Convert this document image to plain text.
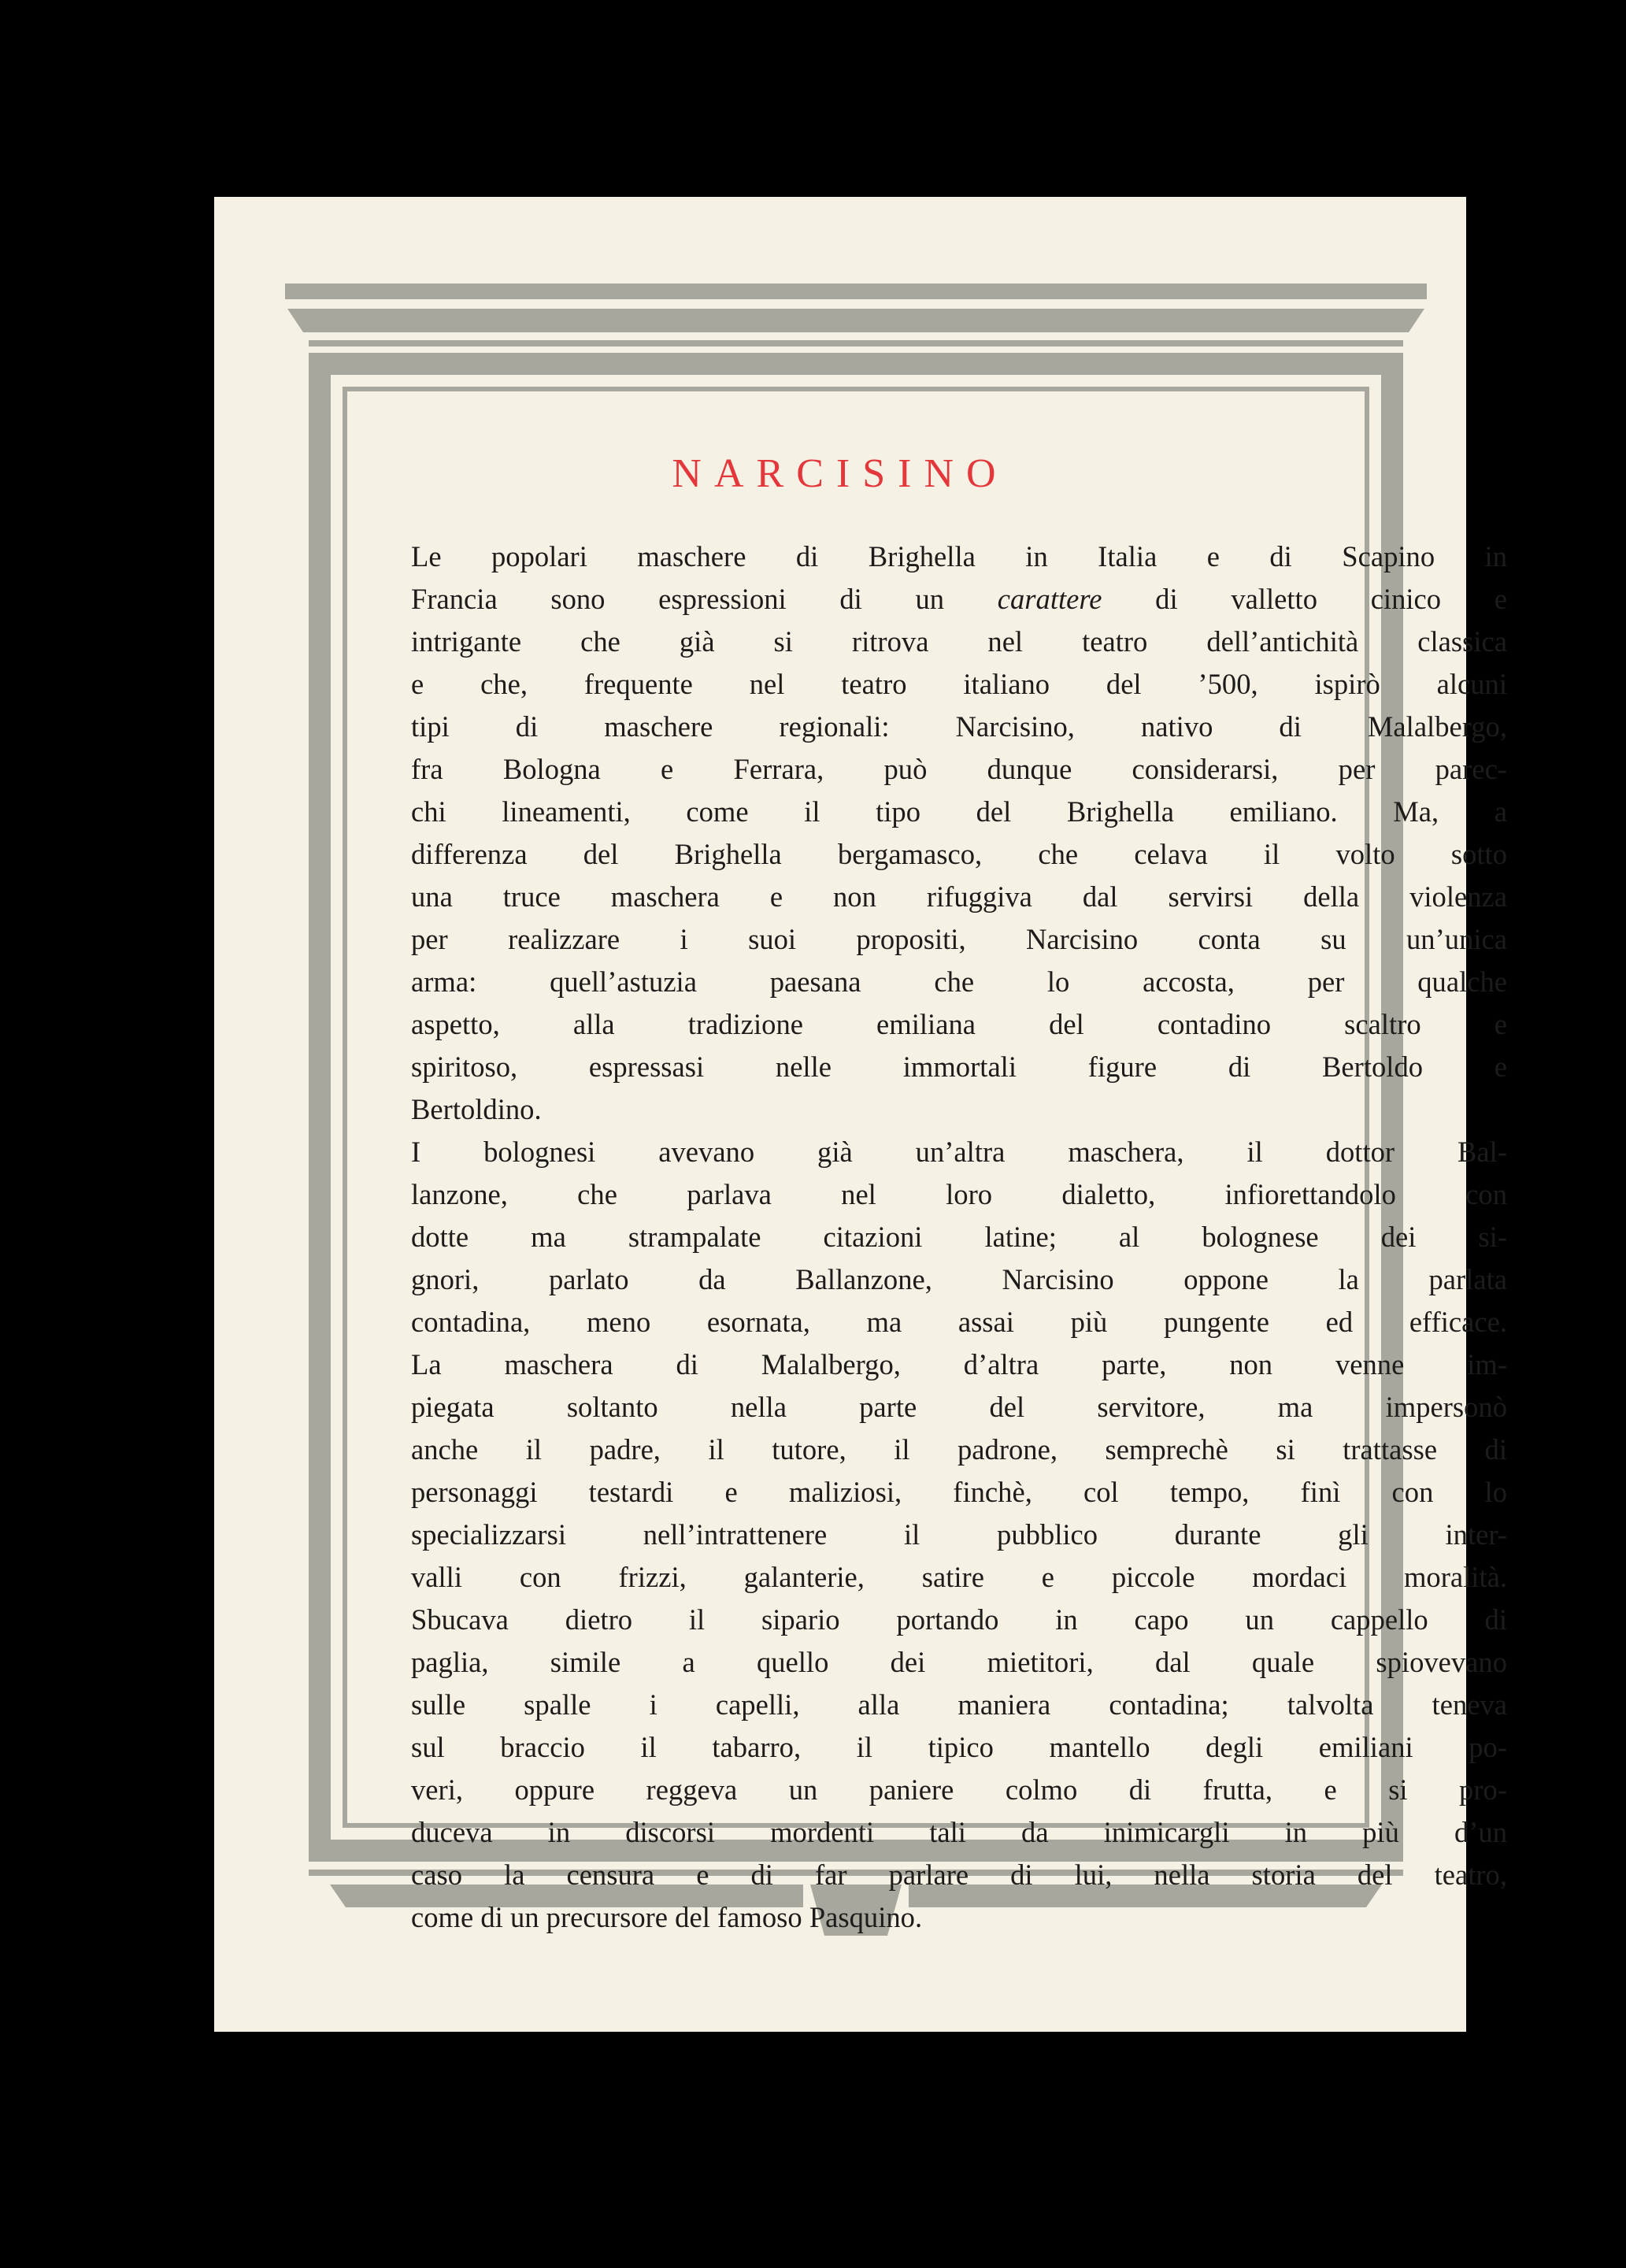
NARCISINO
Le popolari maschere di Brighella in Italia e di Scapino in
Francia sono espressioni di un carattere di valletto cinico e
intrigante che già si ritrova nel teatro dell’antichità classica
e che, frequente nel teatro italiano del ’500, ispirò alcuni
tipi di maschere regionali: Narcisino, nativo di Malalbergo,
fra Bologna e Ferrara, può dunque considerarsi, per parec-
chi lineamenti, come il tipo del Brighella emiliano. Ma, a
differenza del Brighella bergamasco, che celava il volto sotto
una truce maschera e non rifuggiva dal servirsi della violenza
per realizzare i suoi propositi, Narcisino conta su un’unica
arma: quell’astuzia paesana che lo accosta, per qualche
aspetto, alla tradizione emiliana del contadino scaltro e
spiritoso, espressasi nelle immortali figure di Bertoldo e
Bertoldino.
I bolognesi avevano già un’altra maschera, il dottor Bal-
lanzone, che parlava nel loro dialetto, infiorettandolo con
dotte ma strampalate citazioni latine; al bolognese dei si-
gnori, parlato da Ballanzone, Narcisino oppone la parlata
contadina, meno esornata, ma assai più pungente ed efficace.
La maschera di Malalbergo, d’altra parte, non venne im-
piegata soltanto nella parte del servitore, ma impersonò
anche il padre, il tutore, il padrone, semprechè si trattasse di
personaggi testardi e maliziosi, finchè, col tempo, finì con lo
specializzarsi nell’intrattenere il pubblico durante gli inter-
valli con frizzi, galanterie, satire e piccole mordaci moralità.
Sbucava dietro il sipario portando in capo un cappello di
paglia, simile a quello dei mietitori, dal quale spiovevano
sulle spalle i capelli, alla maniera contadina; talvolta teneva
sul braccio il tabarro, il tipico mantello degli emiliani po-
veri, oppure reggeva un paniere colmo di frutta, e si pro-
duceva in discorsi mordenti tali da inimicargli in più d’un
caso la censura e di far parlare di lui, nella storia del teatro,
come di un precursore del famoso Pasquino.
